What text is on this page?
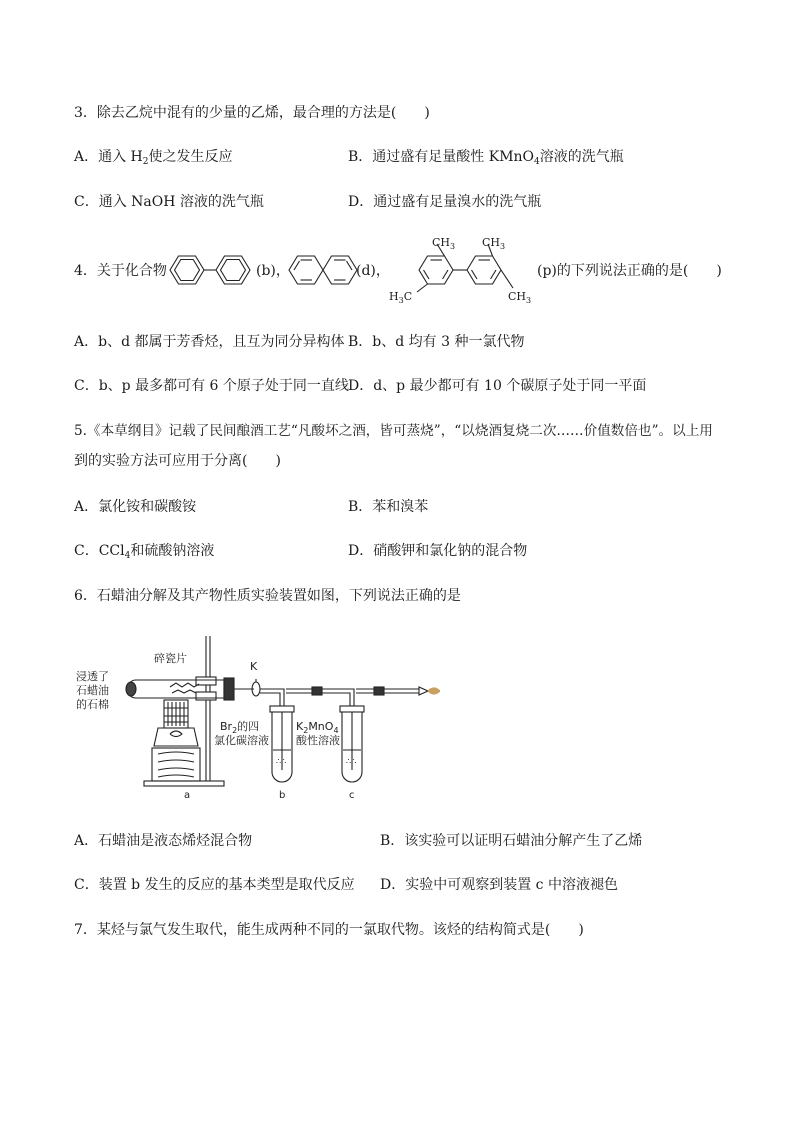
3．除去乙烷中混有的少量的乙烯，最合理的方法是(　　)
A．通入 $H_2$使之发生反应	B．通过盛有足量酸性 KMnO$_4$溶液的洗气瓶
C．通入 NaOH 溶液的洗气瓶	D．通过盛有足量溴水的洗气瓶
4．关于化合物	(b)，	(d)，
$CH_3$ $CH_3$
$H_3C$	$CH_3$
(p)的下列说法正确的是(　　)
A．b、d 都属于芳香烃，且互为同分异构体 B．b、d 均有 3 种一氯代物
C．b、p 最多都可有 6 个原子处于同一直线 D．d、p 最少都可有 10 个碳原子处于同一平面
5.《本草纲目》记载了民间酿酒工艺“凡酸坏之酒，皆可蒸烧”，“以烧酒复烧二次……价值数倍也”。以上用
到的实验方法可应用于分离(　　)
A．氯化铵和碳酸铵	B．苯和溴苯
C．CCl$_4$和硫酸钠溶液	D．硝酸钾和氯化钠的混合物
6．石蜡油分解及其产物性质实验装置如图，下列说法正确的是
∴∴	∴∴
浸透了
石蜡油
的石棉
碎瓷片
K
$Br_2$的四
氯化碳溶液
$K_2MnO_4$
酸性溶液
a	b	c
A．石蜡油是液态烯烃混合物	B．该实验可以证明石蜡油分解产生了乙烯
C．装置 b 发生的反应的基本类型是取代反应 D．实验中可观察到装置 c 中溶液褪色
7．某烃与氯气发生取代，能生成两种不同的一氯取代物。该烃的结构简式是(　　)
